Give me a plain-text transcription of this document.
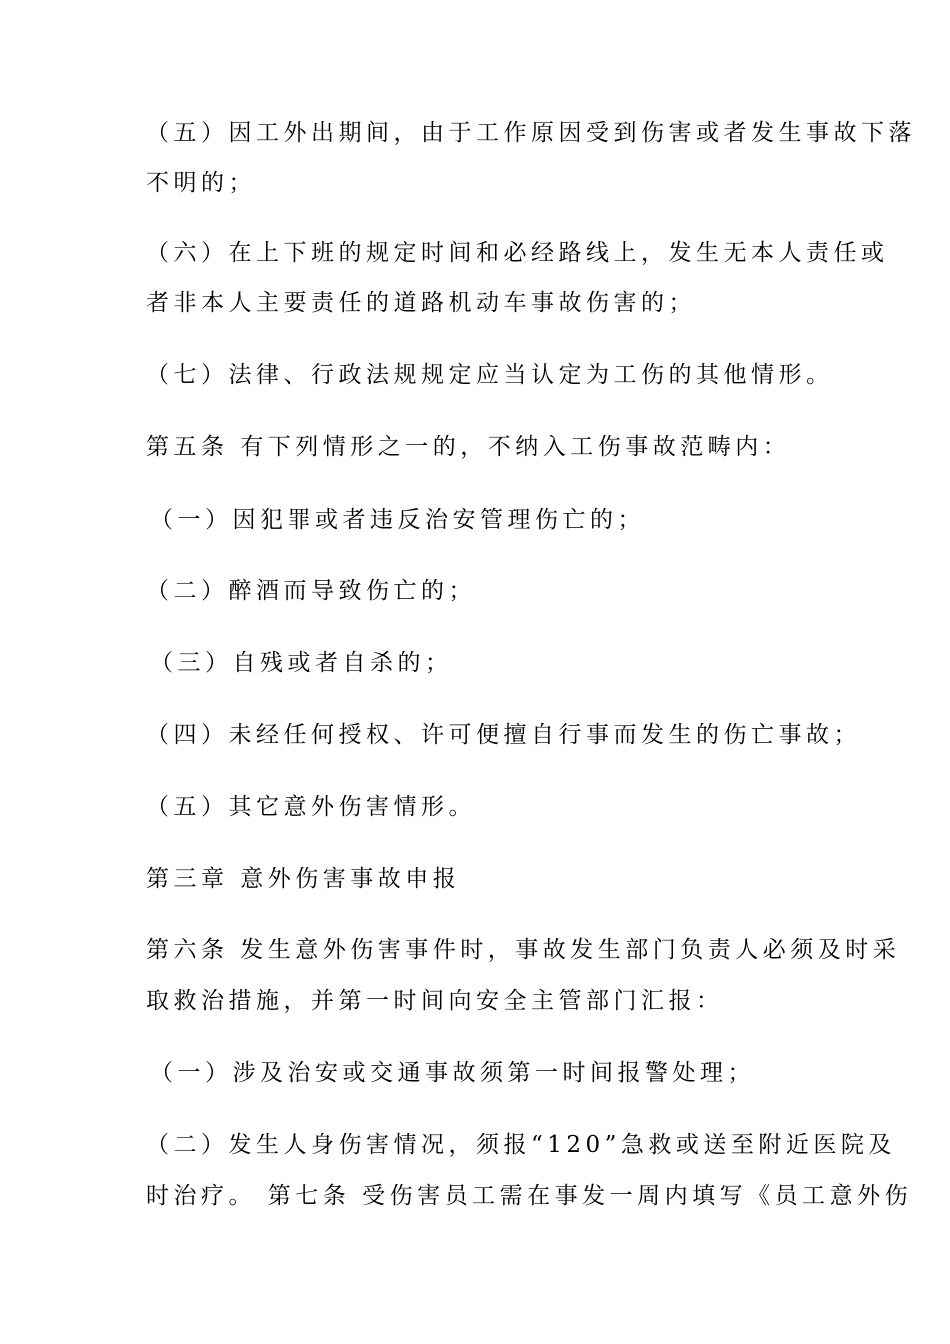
（五）因工外出期间，由于工作原因受到伤害或者发生事故下落
不明的；
（六）在上下班的规定时间和必经路线上，发生无本人责任或
者非本人主要责任的道路机动车事故伤害的；
（七）法律、行政法规规定应当认定为工伤的其他情形。
第五条 有下列情形之一的，不纳入工伤事故范畴内：
（一）因犯罪或者违反治安管理伤亡的；
（二）醉酒而导致伤亡的；
（三）自残或者自杀的；
（四）未经任何授权、许可便擅自行事而发生的伤亡事故；
（五）其它意外伤害情形。
第三章 意外伤害事故申报
第六条 发生意外伤害事件时，事故发生部门负责人必须及时采
取救治措施，并第一时间向安全主管部门汇报：
（一）涉及治安或交通事故须第一时间报警处理；
（二）发生人身伤害情况，须报“120”急救或送至附近医院及
时治疗。 第七条 受伤害员工需在事发一周内填写《员工意外伤
